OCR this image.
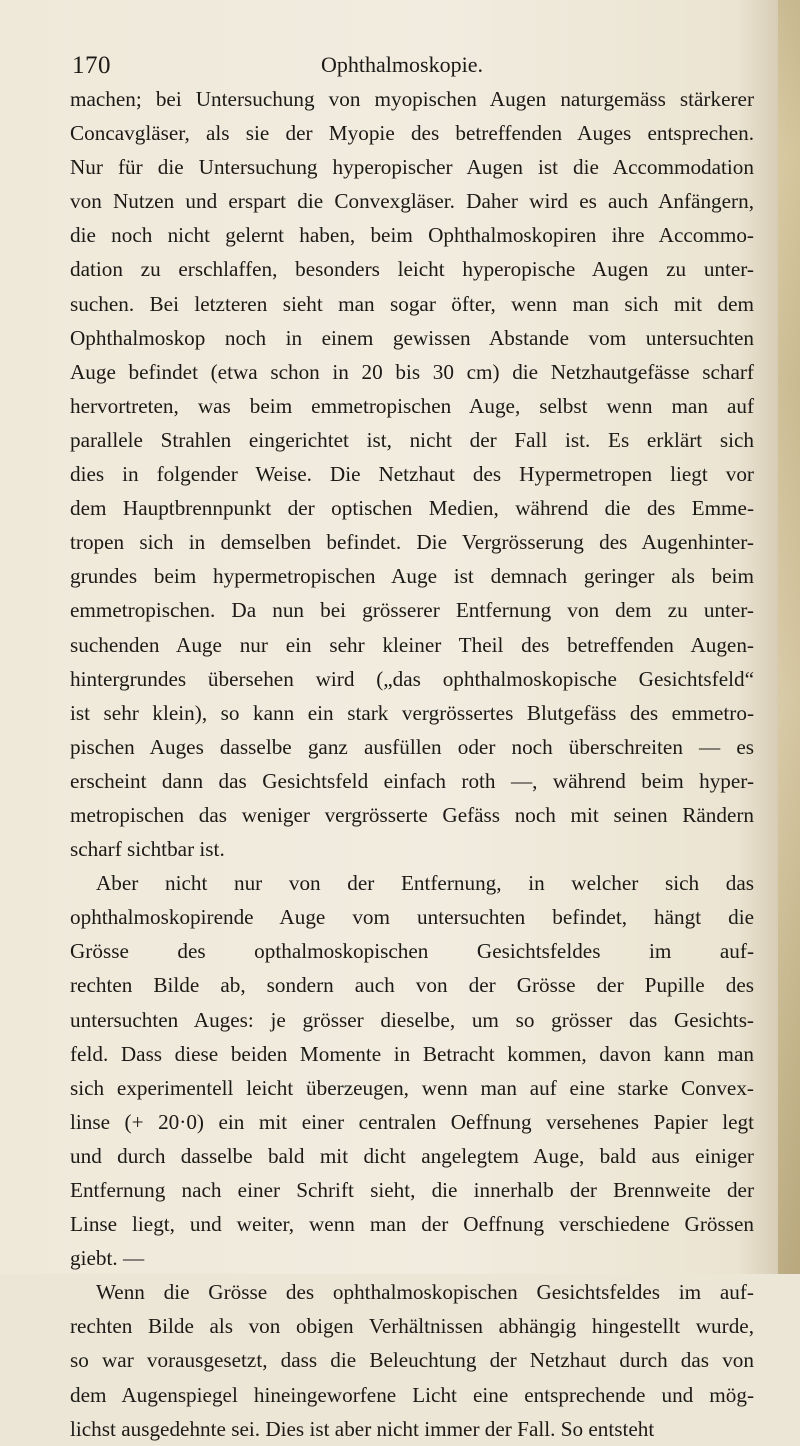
170	Ophthalmoskopie.
machen; bei Untersuchung von myopischen Augen naturgemäss stärkerer
Concavgläser, als sie der Myopie des betreffenden Auges entsprechen.
Nur für die Untersuchung hyperopischer Augen ist die Accommodation
von Nutzen und erspart die Convexgläser. Daher wird es auch Anfängern,
die noch nicht gelernt haben, beim Ophthalmoskopiren ihre Accommo-
dation zu erschlaffen, besonders leicht hyperopische Augen zu unter-
suchen. Bei letzteren sieht man sogar öfter, wenn man sich mit dem
Ophthalmoskop noch in einem gewissen Abstande vom untersuchten
Auge befindet (etwa schon in 20 bis 30 cm) die Netzhautgefässe scharf
hervortreten, was beim emmetropischen Auge, selbst wenn man auf
parallele Strahlen eingerichtet ist, nicht der Fall ist. Es erklärt sich
dies in folgender Weise. Die Netzhaut des Hypermetropen liegt vor
dem Hauptbrennpunkt der optischen Medien, während die des Emme-
tropen sich in demselben befindet. Die Vergrösserung des Augenhinter-
grundes beim hypermetropischen Auge ist demnach geringer als beim
emmetropischen. Da nun bei grösserer Entfernung von dem zu unter-
suchenden Auge nur ein sehr kleiner Theil des betreffenden Augen-
hintergrundes übersehen wird („das ophthalmoskopische Gesichtsfeld“
ist sehr klein), so kann ein stark vergrössertes Blutgefäss des emmetro-
pischen Auges dasselbe ganz ausfüllen oder noch überschreiten — es
erscheint dann das Gesichtsfeld einfach roth —, während beim hyper-
metropischen das weniger vergrösserte Gefäss noch mit seinen Rändern
scharf sichtbar ist.
Aber nicht nur von der Entfernung, in welcher sich das
ophthalmoskopirende Auge vom untersuchten befindet, hängt die
Grösse des opthalmoskopischen Gesichtsfeldes im auf-
rechten Bilde ab, sondern auch von der Grösse der Pupille des
untersuchten Auges: je grösser dieselbe, um so grösser das Gesichts-
feld. Dass diese beiden Momente in Betracht kommen, davon kann man
sich experimentell leicht überzeugen, wenn man auf eine starke Convex-
linse (+ 20·0) ein mit einer centralen Oeffnung versehenes Papier legt
und durch dasselbe bald mit dicht angelegtem Auge, bald aus einiger
Entfernung nach einer Schrift sieht, die innerhalb der Brennweite der
Linse liegt, und weiter, wenn man der Oeffnung verschiedene Grössen
giebt. —
Wenn die Grösse des ophthalmoskopischen Gesichtsfeldes im auf-
rechten Bilde als von obigen Verhältnissen abhängig hingestellt wurde,
so war vorausgesetzt, dass die Beleuchtung der Netzhaut durch das von
dem Augenspiegel hineingeworfene Licht eine entsprechende und mög-
lichst ausgedehnte sei. Dies ist aber nicht immer der Fall. So entsteht
